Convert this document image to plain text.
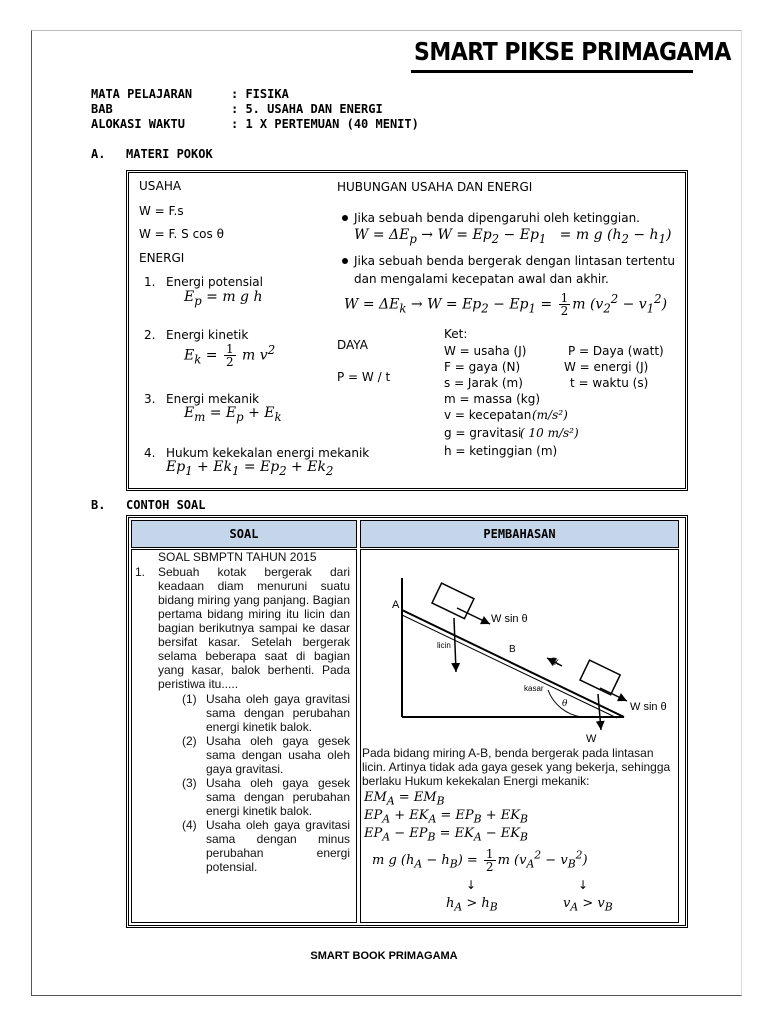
SMART PIKSE PRIMAGAMA
MATA PELAJARAN	: FISIKA
BAB	: 5. USAHA DAN ENERGI
ALOKASI WAKTU	: 1 X PERTEMUAN (40 MENIT)
A. MATERI POKOK
USAHA
W = F.s
W = F. S cos θ
ENERGI
1. Energi potensial
$E_p = m$ g h
2. Energi kinetik
$E_k = \frac{1}{2}$ m $v^2$
3. Energi mekanik
$E_m = E_p + E_k$
4. Hukum kekekalan energi mekanik
$Ep_1 + Ek_1 = Ep_2 + Ek_2$
HUBUNGAN USAHA DAN ENERGI
Jika sebuah benda dipengaruhi oleh ketinggian.
$W = \Delta E_p \to W = Ep_2 - Ep_1 = m$ g $(h_2 - h_1)$
Jika sebuah benda bergerak dengan lintasan tertentu
dan mengalami kecepatan awal dan akhir.
$W = \Delta E_k \to W = Ep_2 - Ep_1 = \frac{1}{2}$ m $(v_2^2 - v_1^2)$
DAYA
P = W / t
Ket:
W = usaha (J)	P = Daya (watt)
F = gaya (N)	W = energi (J)
s = Jarak (m)	t = waktu (s)
m = massa (kg)
v = kecepatan (m/s²)
g = gravitasi
( 10 m/s²)
h = ketinggian (m)
B. CONTOH SOAL
SOAL	PEMBAHASAN
SOAL SBMPTN TAHUN 2015
1. Sebuah kotak bergerak dari keadaan diam menuruni suatu bidang miring yang panjang. Bagian pertama bidang miring itu licin dan bagian berikutnya sampai ke dasar bersifat kasar. Setelah bergerak selama beberapa saat di bagian yang kasar, balok berhenti. Pada peristiwa itu.....
(1) Usaha oleh gaya gravitasi sama dengan perubahan energi kinetik balok.
(2) Usaha oleh gaya gesek sama dengan usaha oleh gaya gravitasi.
(3) Usaha oleh gaya gesek sama dengan perubahan energi kinetik balok.
(4) Usaha oleh gaya gravitasi sama dengan minus perubahan energi potensial.
A
B
licin
kasar
fk
W sin θ
W sin θ
θ
W
Pada bidang miring A-B, benda bergerak pada lintasan licin. Artinya tidak ada gaya gesek yang bekerja, sehingga berlaku Hukum kekekalan Energi mekanik:
$EM_A = EM_B$
$EP_A + EK_A = EP_B + EK_B$
$EP_A - EP_B = EK_A - EK_B$
m g $(h_A - h_B) = \frac{1}{2}$ m $(v_A^2 - v_B^2)$
↓	↓
$h_A > h_B$	$v_A > v_B$
SMART BOOK PRIMAGAMA
